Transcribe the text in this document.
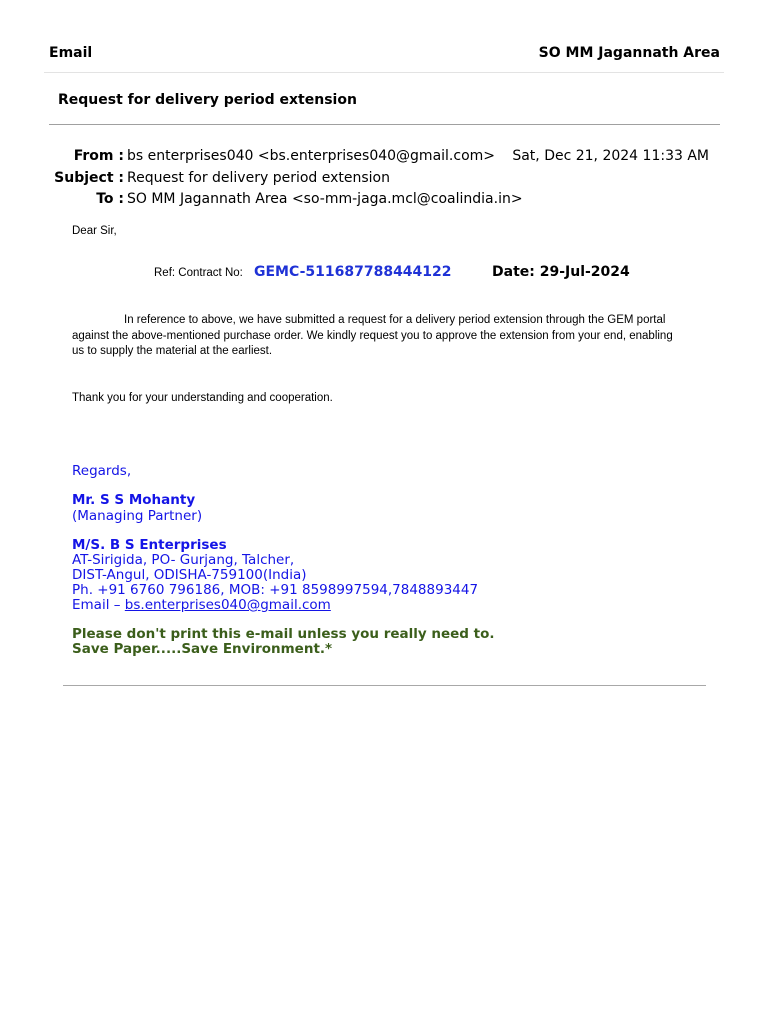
Email	SO MM Jagannath Area
Request for delivery period extension
From : bs enterprises040 <bs.enterprises040@gmail.com> Sat, Dec 21, 2024 11:33 AM
Subject : Request for delivery period extension
To : SO MM Jagannath Area <so-mm-jaga.mcl@coalindia.in>
Dear Sir,
Ref: Contract No: GEMC-511687788444122	Date: 29-Jul-2024
In reference to above, we have submitted a request for a delivery period extension through the GEM portal against the above-mentioned purchase order. We kindly request you to approve the extension from your end, enabling us to supply the material at the earliest.
Thank you for your understanding and cooperation.
Regards,
Mr. S S Mohanty
(Managing Partner)
M/S. B S Enterprises
AT-Sirigida, PO- Gurjang, Talcher,
DIST-Angul, ODISHA-759100(India)
Ph. +91 6760 796186, MOB: +91 8598997594,7848893447
Email – bs.enterprises040@gmail.com
Please don't print this e-mail unless you really need to.
Save Paper.....Save Environment.*
